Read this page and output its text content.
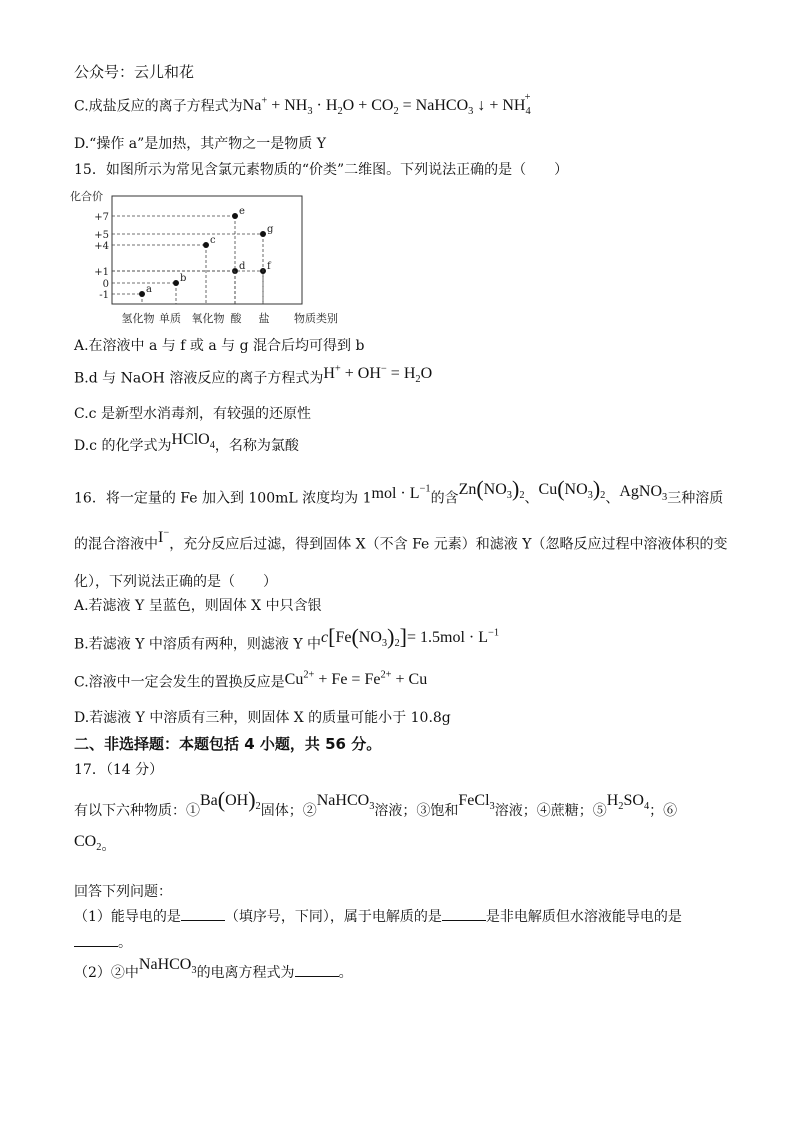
公众号：云儿和花
C.成盐反应的离子方程式为$Na^+ + NH_3 \cdot H_2O + CO_2$ = NaHCO$_3$ ↓ + $NH_4^+$
D.“操作 a”是加热，其产物之一是物质 Y
15．如图所示为常见含氯元素物质的“价类”二维图。下列说法正确的是（　　）
化合价
+7
+5
+4
+1
0
-1
a
b
c
d
e
f
g
氢化物 单质 氧化物 酸 盐 物质类别
A.在溶液中 a 与 f 或 a 与 g 混合后均可得到 b
B.d 与 NaOH 溶液反应的离子方程式为$H^+ + OH^- = H_2O$
C.c 是新型水消毒剂，有较强的还原性
D.c 的化学式为HClO$_4$，名称为氯酸
16．将一定量的 Fe 加入到 100mL 浓度均为 $1mol \cdot L^{-1}$的含$Zn(NO_3)_2$、$Cu(NO_3)_2$、AgNO$_3$三种溶质
的混合溶液中I−，充分反应后过滤，得到固体 X（不含 Fe 元素）和滤液 Y（忽略反应过程中溶液体积的变
化），下列说法正确的是（　　）
A.若滤液 Y 呈蓝色，则固体 X 中只含银
B.若滤液 Y 中溶质有两种，则滤液 Y 中$c[Fe(NO_3)_2]= 1.5mol \cdot L^{-1}$
C.溶液中一定会发生的置换反应是$Cu^{2+} + Fe = Fe^{2+} + Cu$
D.若滤液 Y 中溶质有三种，则固体 X 的质量可能小于 10.8g
二、非选择题：本题包括 4 小题，共 56 分。
17．（14 分）
有以下六种物质：$①Ba(OH)_2$固体；②NaHCO$_3$溶液；③饱和FeCl$_3$溶液；④蔗糖；$⑤H_2SO_4$；⑥
$CO_2$。
回答下列问题：
（1）能导电的是	（填序号，下同），属于电解质的是	是非电解质但水溶液能导电的是
。
（2）②中NaHCO$_3$的电离方程式为	。
